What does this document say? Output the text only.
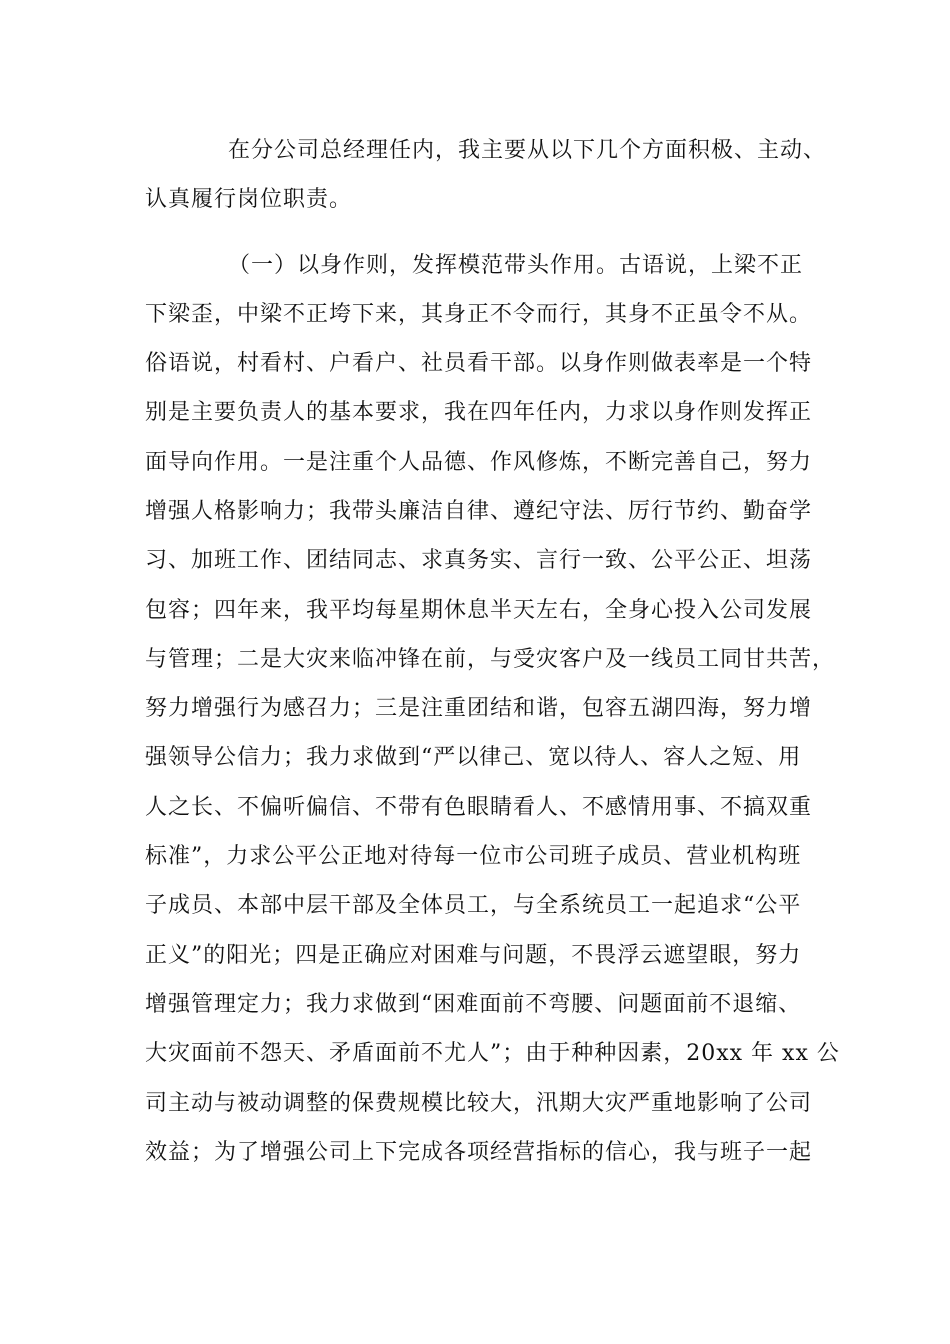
在分公司总经理任内，我主要从以下几个方面积极、主动、
认真履行岗位职责。
（一）以身作则，发挥模范带头作用。古语说，上梁不正
下梁歪，中梁不正垮下来，其身正不令而行，其身不正虽令不从。
俗语说，村看村、户看户、社员看干部。以身作则做表率是一个特
别是主要负责人的基本要求，我在四年任内，力求以身作则发挥正
面导向作用。一是注重个人品德、作风修炼，不断完善自己，努力
增强人格影响力；我带头廉洁自律、遵纪守法、厉行节约、勤奋学
习、加班工作、团结同志、求真务实、言行一致、公平公正、坦荡
包容；四年来，我平均每星期休息半天左右，全身心投入公司发展
与管理；二是大灾来临冲锋在前，与受灾客户及一线员工同甘共苦，
努力增强行为感召力；三是注重团结和谐，包容五湖四海，努力增
强领导公信力；我力求做到“严以律己、宽以待人、容人之短、用
人之长、不偏听偏信、不带有色眼睛看人、不感情用事、不搞双重
标准”，力求公平公正地对待每一位市公司班子成员、营业机构班
子成员、本部中层干部及全体员工，与全系统员工一起追求“公平
正义”的阳光；四是正确应对困难与问题，不畏浮云遮望眼，努力
增强管理定力；我力求做到“困难面前不弯腰、问题面前不退缩、
大灾面前不怨天、矛盾面前不尤人”；由于种种因素，20xx 年 xx 公
司主动与被动调整的保费规模比较大，汛期大灾严重地影响了公司
效益；为了增强公司上下完成各项经营指标的信心，我与班子一起
